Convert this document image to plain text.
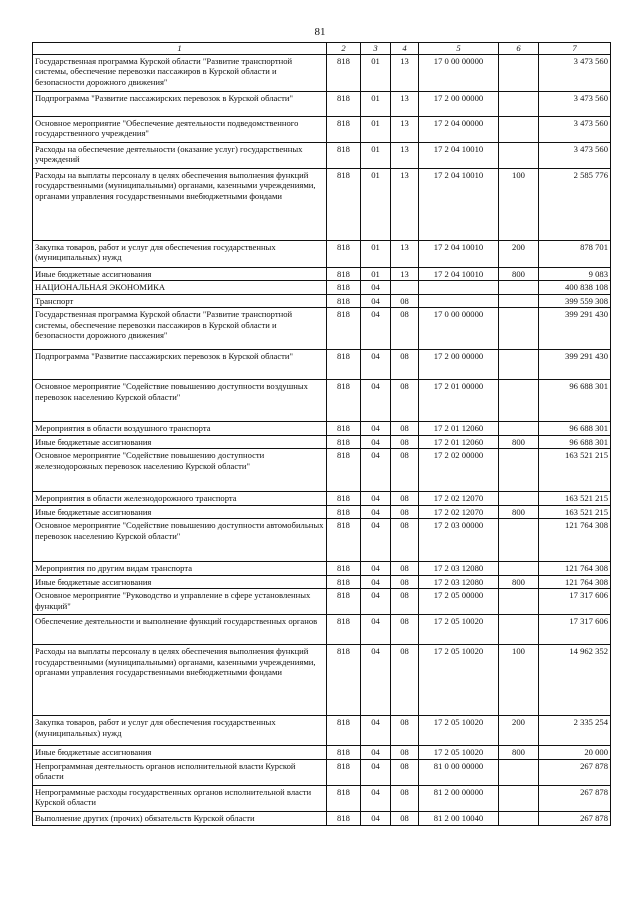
81
1	2	3	4	5	6	7
Государственная программа Курской области "Развитие транспортной системы, обеспечение перевозки пассажиров в Курской области и безопасности дорожного движения"	818	01	13	17 0 00 00000		3 473 560
Подпрограмма "Развитие пассажирских перевозок в Курской области"	818	01	13	17 2 00 00000		3 473 560
Основное мероприятие "Обеспечение деятельности подведомственного государственного учреждения"	818	01	13	17 2 04 00000		3 473 560
Расходы на обеспечение деятельности (оказание услуг) государственных учреждений	818	01	13	17 2 04 10010		3 473 560
Расходы на выплаты персоналу в целях обеспечения выполнения функций государственными (муниципальными) органами, казенными учреждениями, органами управления государственными внебюджетными фондами	818	01	13	17 2 04 10010	100	2 585 776
Закупка товаров, работ и услуг для обеспечения государственных (муниципальных) нужд	818	01	13	17 2 04 10010	200	878 701
Иные бюджетные ассигнования	818	01	13	17 2 04 10010	800	9 083
НАЦИОНАЛЬНАЯ ЭКОНОМИКА	818	04				400 838 108
Транспорт	818	04	08			399 559 308
Государственная программа Курской области "Развитие транспортной системы, обеспечение перевозки пассажиров в Курской области и безопасности дорожного движения"	818	04	08	17 0 00 00000		399 291 430
Подпрограмма "Развитие пассажирских перевозок в Курской области"	818	04	08	17 2 00 00000		399 291 430
Основное мероприятие "Содействие повышению доступности воздушных перевозок населению Курской области"	818	04	08	17 2 01 00000		96 688 301
Мероприятия в области воздушного транспорта	818	04	08	17 2 01 12060		96 688 301
Иные бюджетные ассигнования	818	04	08	17 2 01 12060	800	96 688 301
Основное мероприятие "Содействие повышению доступности железнодорожных перевозок населению Курской области"	818	04	08	17 2 02 00000		163 521 215
Мероприятия в области железнодорожного транспорта	818	04	08	17 2 02 12070		163 521 215
Иные бюджетные ассигнования	818	04	08	17 2 02 12070	800	163 521 215
Основное мероприятие "Содействие повышению доступности автомобильных перевозок населению Курской области"	818	04	08	17 2 03 00000		121 764 308
Мероприятия по другим видам транспорта	818	04	08	17 2 03 12080		121 764 308
Иные бюджетные ассигнования	818	04	08	17 2 03 12080	800	121 764 308
Основное мероприятие "Руководство и управление в сфере установленных функций"	818	04	08	17 2 05 00000		17 317 606
Обеспечение деятельности и выполнение функций государственных органов	818	04	08	17 2 05 10020		17 317 606
Расходы на выплаты персоналу в целях обеспечения выполнения функций государственными (муниципальными) органами, казенными учреждениями, органами управления государственными внебюджетными фондами	818	04	08	17 2 05 10020	100	14 962 352
Закупка товаров, работ и услуг для обеспечения государственных (муниципальных) нужд	818	04	08	17 2 05 10020	200	2 335 254
Иные бюджетные ассигнования	818	04	08	17 2 05 10020	800	20 000
Непрограммная деятельность органов исполнительной власти Курской области	818	04	08	81 0 00 00000		267 878
Непрограммные расходы государственных органов исполнительной власти Курской области	818	04	08	81 2 00 00000		267 878
Выполнение других (прочих) обязательств Курской области	818	04	08	81 2 00 10040		267 878
